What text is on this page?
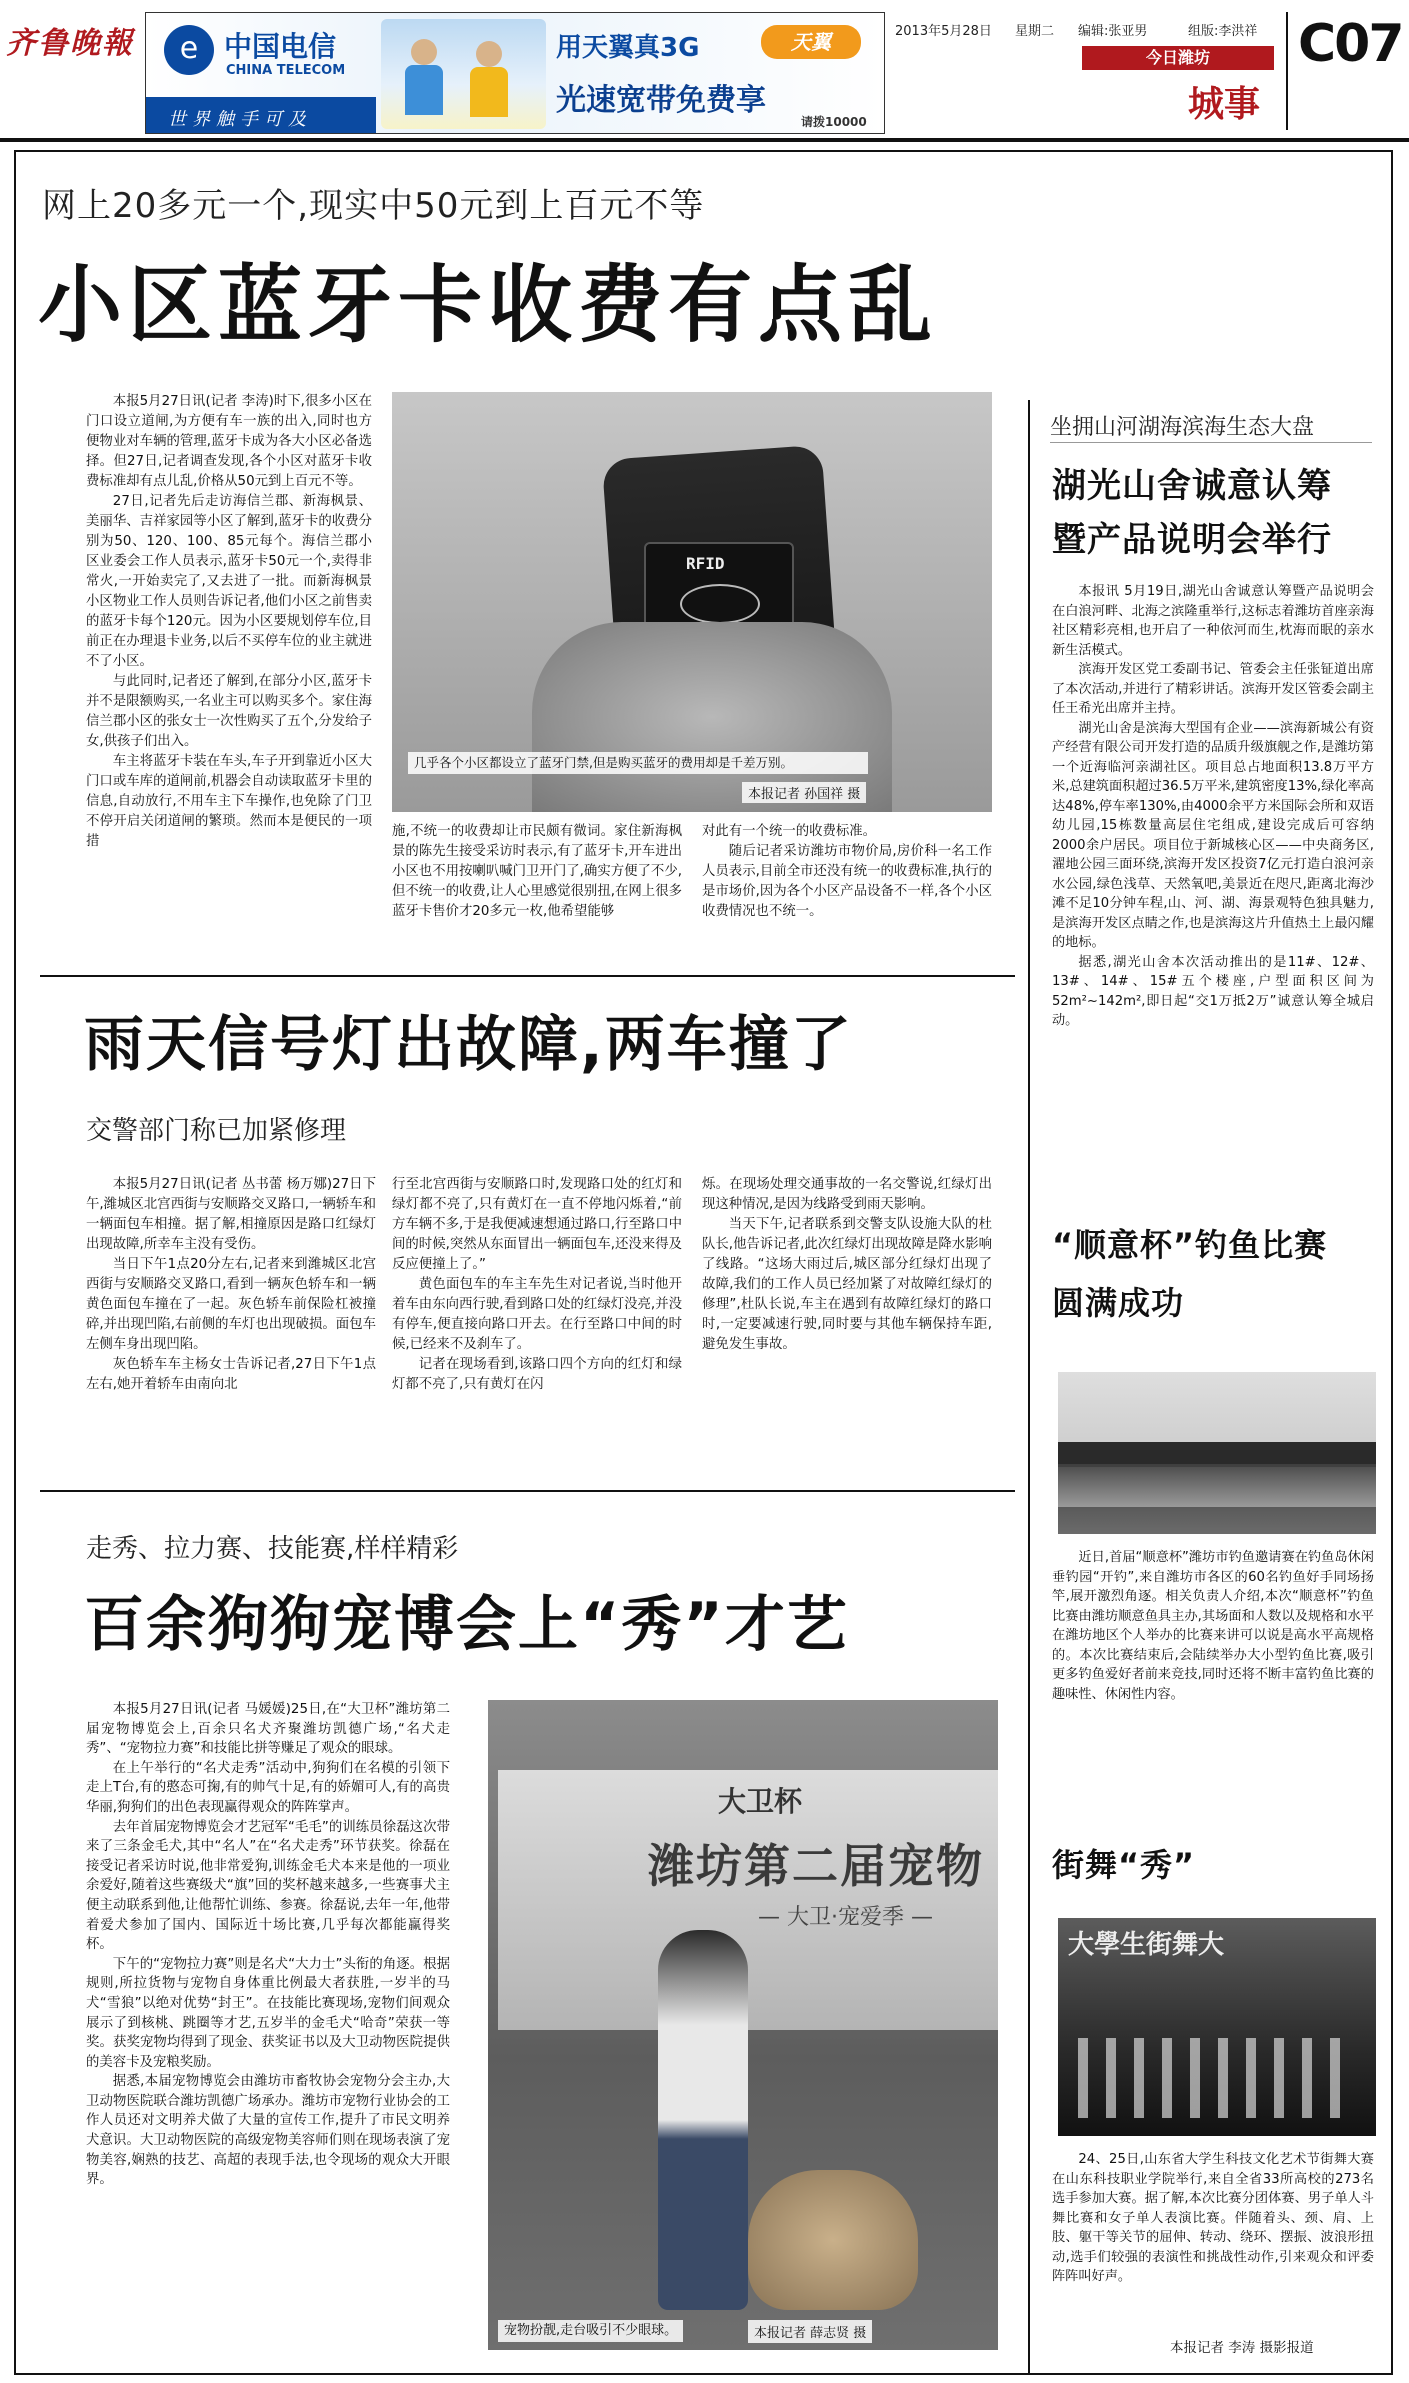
齐鲁晚報	e 中国电信
CHINA TELECOM
世界触手可及
用天翼真3G	天翼
光速宽带免费享
请拨10000
2013年5月28日 星期二 编辑:张亚男	组版:李洪祥
今日潍坊
城事
C07
网上20多元一个,现实中50元到上百元不等
小区蓝牙卡收费有点乱

本报5月27日讯(记者 李涛)时下,很多小区在门口设立道闸,为方便有车一族的出入,同时也方便物业对车辆的管理,蓝牙卡成为各大小区必备选择。但27日,记者调查发现,各个小区对蓝牙卡收费标准却有点儿乱,价格从50元到上百元不等。

27日,记者先后走访海信兰郡、新海枫景、美丽华、吉祥家园等小区了解到,蓝牙卡的收费分别为50、120、100、85元每个。海信兰郡小区业委会工作人员表示,蓝牙卡50元一个,卖得非常火,一开始卖完了,又去进了一批。而新海枫景小区物业工作人员则告诉记者,他们小区之前售卖的蓝牙卡每个120元。因为小区要规划停车位,目前正在办理退卡业务,以后不买停车位的业主就进不了小区。

与此同时,记者还了解到,在部分小区,蓝牙卡并不是限额购买,一名业主可以购买多个。家住海信兰郡小区的张女士一次性购买了五个,分发给子女,供孩子们出入。

车主将蓝牙卡装在车头,车子开到靠近小区大门口或车库的道闸前,机器会自动读取蓝牙卡里的信息,自动放行,不用车主下车操作,也免除了门卫不停开启关闭道闸的繁琐。然而本是便民的一项措

RFID
几乎各个小区都设立了蓝牙门禁,但是购买蓝牙的费用却是千差万别。
本报记者 孙国祥 摄

施,不统一的收费却让市民颇有微词。家住新海枫景的陈先生接受采访时表示,有了蓝牙卡,开车进出小区也不用按喇叭喊门卫开门了,确实方便了不少,但不统一的收费,让人心里感觉很别扭,在网上很多蓝牙卡售价才20多元一枚,他希望能够

对此有一个统一的收费标准。

随后记者采访潍坊市物价局,房价科一名工作人员表示,目前全市还没有统一的收费标准,执行的是市场价,因为各个小区产品设备不一样,各个小区收费情况也不统一。

雨天信号灯出故障,两车撞了
交警部门称已加紧修理

本报5月27日讯(记者 丛书蕾 杨万娜)27日下午,潍城区北宫西街与安顺路交叉路口,一辆轿车和一辆面包车相撞。据了解,相撞原因是路口红绿灯出现故障,所幸车主没有受伤。

当日下午1点20分左右,记者来到潍城区北宫西街与安顺路交叉路口,看到一辆灰色轿车和一辆黄色面包车撞在了一起。灰色轿车前保险杠被撞碎,并出现凹陷,右前侧的车灯也出现破损。面包车左侧车身出现凹陷。

灰色轿车车主杨女士告诉记者,27日下午1点左右,她开着轿车由南向北

行至北宫西街与安顺路口时,发现路口处的红灯和绿灯都不亮了,只有黄灯在一直不停地闪烁着,“前方车辆不多,于是我便减速想通过路口,行至路口中间的时候,突然从东面冒出一辆面包车,还没来得及反应便撞上了。”

黄色面包车的车主车先生对记者说,当时他开着车由东向西行驶,看到路口处的红绿灯没亮,并没有停车,便直接向路口开去。在行至路口中间的时候,已经来不及刹车了。

记者在现场看到,该路口四个方向的红灯和绿灯都不亮了,只有黄灯在闪

烁。在现场处理交通事故的一名交警说,红绿灯出现这种情况,是因为线路受到雨天影响。

当天下午,记者联系到交警支队设施大队的杜队长,他告诉记者,此次红绿灯出现故障是降水影响了线路。“这场大雨过后,城区部分红绿灯出现了故障,我们的工作人员已经加紧了对故障红绿灯的修理”,杜队长说,车主在遇到有故障红绿灯的路口时,一定要减速行驶,同时要与其他车辆保持车距,避免发生事故。

走秀、拉力赛、技能赛,样样精彩
百余狗狗宠博会上“秀”才艺

本报5月27日讯(记者 马媛媛)25日,在“大卫杯”潍坊第二届宠物博览会上,百余只名犬齐聚潍坊凯德广场,“名犬走秀”、“宠物拉力赛”和技能比拼等赚足了观众的眼球。

在上午举行的“名犬走秀”活动中,狗狗们在名模的引领下走上T台,有的憨态可掬,有的帅气十足,有的娇媚可人,有的高贵华丽,狗狗们的出色表现赢得观众的阵阵掌声。

去年首届宠物博览会才艺冠军“毛毛”的训练员徐磊这次带来了三条金毛犬,其中“名人”在“名犬走秀”环节获奖。徐磊在接受记者采访时说,他非常爱狗,训练金毛犬本来是他的一项业余爱好,随着这些赛级犬“旗”回的奖杯越来越多,一些赛事犬主便主动联系到他,让他帮忙训练、参赛。徐磊说,去年一年,他带着爱犬参加了国内、国际近十场比赛,几乎每次都能赢得奖杯。

下午的“宠物拉力赛”则是名犬“大力士”头衔的角逐。根据规则,所拉货物与宠物自身体重比例最大者获胜,一岁半的马犬“雪狼”以绝对优势“封王”。在技能比赛现场,宠物们间观众展示了到核桃、跳圈等才艺,五岁半的金毛犬“哈奇”荣获一等奖。获奖宠物均得到了现金、获奖证书以及大卫动物医院提供的美容卡及宠粮奖励。

据悉,本届宠物博览会由潍坊市畜牧协会宠物分会主办,大卫动物医院联合潍坊凯德广场承办。潍坊市宠物行业协会的工作人员还对文明养犬做了大量的宣传工作,提升了市民文明养犬意识。大卫动物医院的高级宠物美容师们则在现场表演了宠物美容,娴熟的技艺、高超的表现手法,也令现场的观众大开眼界。

大卫杯
潍坊第二届宠物
— 大卫·宠爱季 —
宠物扮靓,走台吸引不少眼球。	本报记者 薛志贤 摄
坐拥山河湖海滨海生态大盘
湖光山舍诚意认筹
暨产品说明会举行

本报讯 5月19日,湖光山舍诚意认筹暨产品说明会在白浪河畔、北海之滨隆重举行,这标志着潍坊首座亲海社区精彩亮相,也开启了一种依河而生,枕海而眠的亲水新生活模式。

滨海开发区党工委副书记、管委会主任张钲道出席了本次活动,并进行了精彩讲话。滨海开发区管委会副主任王希光出席并主持。

湖光山舍是滨海大型国有企业——滨海新城公有资产经营有限公司开发打造的品质升级旗舰之作,是潍坊第一个近海临河亲湖社区。项目总占地面积13.8万平方米,总建筑面积超过36.5万平米,建筑密度13%,绿化率高达48%,停车率130%,由4000余平方米国际会所和双语幼儿园,15栋数量高层住宅组成,建设完成后可容纳2000余户居民。项目位于新城核心区——中央商务区,濯地公园三面环绕,滨海开发区投资7亿元打造白浪河亲水公园,绿色浅草、天然氧吧,美景近在咫尺,距离北海沙滩不足10分钟车程,山、河、湖、海景观特色独具魅力,是滨海开发区点睛之作,也是滨海这片升值热土上最闪耀的地标。

据悉,湖光山舍本次活动推出的是11#、12#、13#、14#、15#五个楼座,户型面积区间为52m²~142m²,即日起“交1万抵2万”诚意认筹全城启动。

“顺意杯”钓鱼比赛
圆满成功

近日,首届“顺意杯”潍坊市钓鱼邀请赛在钓鱼岛休闲垂钓园“开钓”,来自潍坊市各区的60名钓鱼好手同场扬竿,展开激烈角逐。相关负责人介绍,本次“顺意杯”钓鱼比赛由潍坊顺意鱼具主办,其场面和人数以及规格和水平在潍坊地区个人举办的比赛来讲可以说是高水平高规格的。本次比赛结束后,会陆续举办大小型钓鱼比赛,吸引更多钓鱼爱好者前来竞技,同时还将不断丰富钓鱼比赛的趣味性、休闲性内容。

街舞“秀”
大學生街舞大

24、25日,山东省大学生科技文化艺术节街舞大赛在山东科技职业学院举行,来自全省33所高校的273名选手参加大赛。据了解,本次比赛分团体赛、男子单人斗舞比赛和女子单人表演比赛。伴随着头、颈、肩、上肢、躯干等关节的屈伸、转动、绕环、摆振、波浪形扭动,选手们较强的表演性和挑战性动作,引来观众和评委阵阵叫好声。

本报记者 李涛 摄影报道
